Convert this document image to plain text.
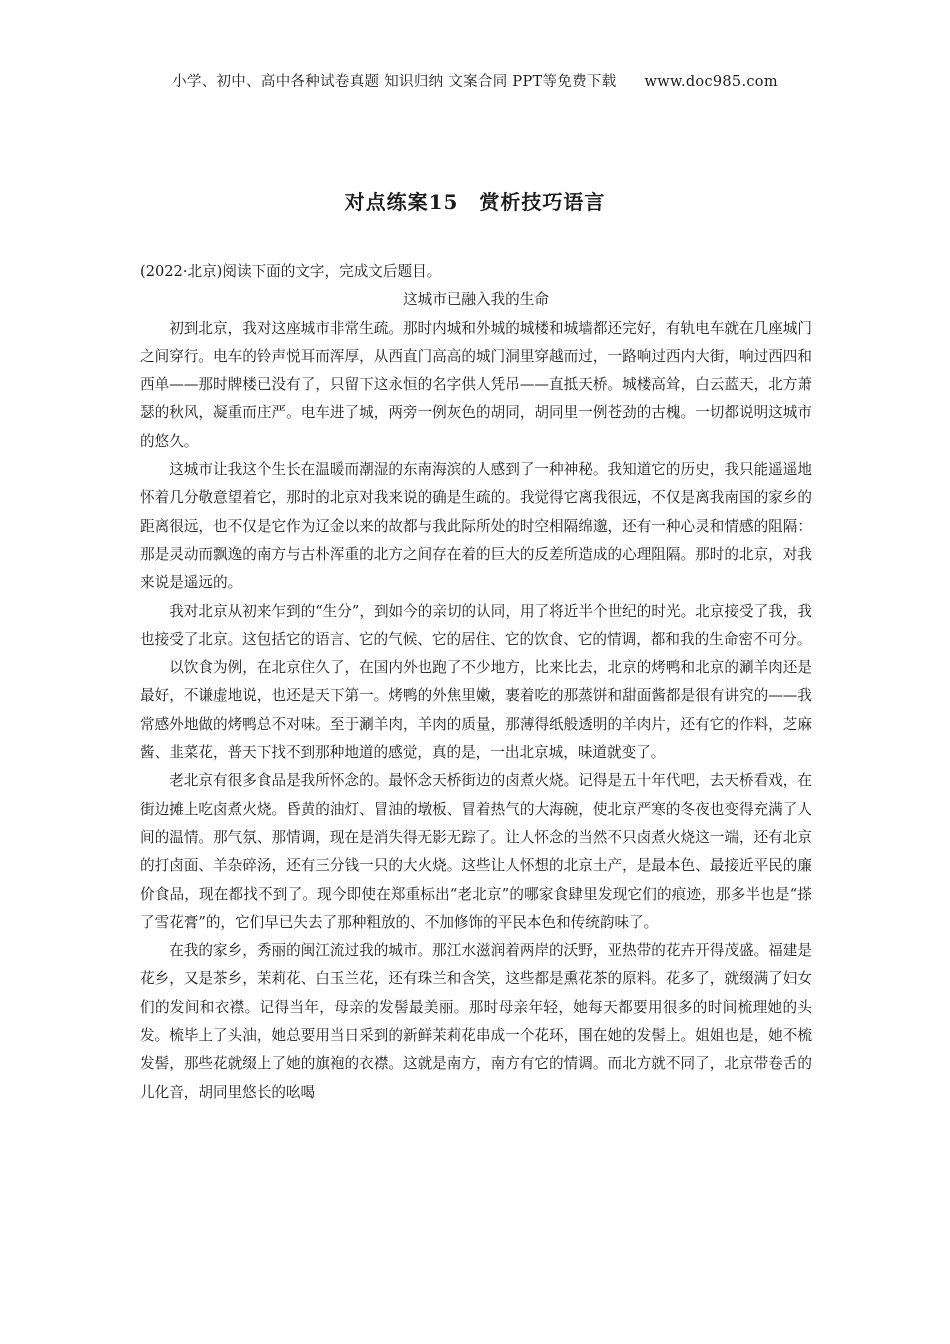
小学、初中、高中各种试卷真题 知识归纳 文案合同 PPT等免费下载 www.doc985.com
对点练案15　赏析技巧语言

(2022·北京)阅读下面的文字，完成文后题目。

这城市已融入我的生命

初到北京，我对这座城市非常生疏。那时内城和外城的城楼和城墙都还完好，有轨电车就在几座城门之间穿行。电车的铃声悦耳而浑厚，从西直门高高的城门洞里穿越而过，一路响过西内大街，响过西四和西单——那时牌楼已没有了，只留下这永恒的名字供人凭吊——直抵天桥。城楼高耸，白云蓝天，北方萧瑟的秋风，凝重而庄严。电车进了城，两旁一例灰色的胡同，胡同里一例苍劲的古槐。一切都说明这城市的悠久。

这城市让我这个生长在温暖而潮湿的东南海滨的人感到了一种神秘。我知道它的历史，我只能遥遥地怀着几分敬意望着它，那时的北京对我来说的确是生疏的。我觉得它离我很远，不仅是离我南国的家乡的距离很远，也不仅是它作为辽金以来的故都与我此际所处的时空相隔绵邈，还有一种心灵和情感的阻隔：那是灵动而飘逸的南方与古朴浑重的北方之间存在着的巨大的反差所造成的心理阻隔。那时的北京，对我来说是遥远的。

我对北京从初来乍到的“生分”，到如今的亲切的认同，用了将近半个世纪的时光。北京接受了我，我也接受了北京。这包括它的语言、它的气候、它的居住、它的饮食、它的情调，都和我的生命密不可分。

以饮食为例，在北京住久了，在国内外也跑了不少地方，比来比去，北京的烤鸭和北京的涮羊肉还是最好，不谦虚地说，也还是天下第一。烤鸭的外焦里嫩，裹着吃的那蒸饼和甜面酱都是很有讲究的——我常感外地做的烤鸭总不对味。至于涮羊肉，羊肉的质量，那薄得纸般透明的羊肉片，还有它的作料，芝麻酱、韭菜花，普天下找不到那种地道的感觉，真的是，一出北京城，味道就变了。

老北京有很多食品是我所怀念的。最怀念天桥街边的卤煮火烧。记得是五十年代吧，去天桥看戏，在街边摊上吃卤煮火烧。昏黄的油灯、冒油的墩板、冒着热气的大海碗，使北京严寒的冬夜也变得充满了人间的温情。那气氛、那情调，现在是消失得无影无踪了。让人怀念的当然不只卤煮火烧这一端，还有北京的打卤面、羊杂碎汤，还有三分钱一只的大火烧。这些让人怀想的北京土产，是最本色、最接近平民的廉价食品，现在都找不到了。现今即使在郑重标出“老北京”的哪家食肆里发现它们的痕迹，那多半也是“搽了雪花膏”的，它们早已失去了那种粗放的、不加修饰的平民本色和传统韵味了。

在我的家乡，秀丽的闽江流过我的城市。那江水滋润着两岸的沃野，亚热带的花卉开得茂盛。福建是花乡，又是茶乡，茉莉花、白玉兰花，还有珠兰和含笑，这些都是熏花茶的原料。花多了，就缀满了妇女们的发间和衣襟。记得当年，母亲的发髻最美丽。那时母亲年轻，她每天都要用很多的时间梳理她的头发。梳毕上了头油，她总要用当日采到的新鲜茉莉花串成一个花环，围在她的发髻上。姐姐也是，她不梳发髻，那些花就缀上了她的旗袍的衣襟。这就是南方，南方有它的情调。而北方就不同了，北京带卷舌的儿化音，胡同里悠长的吆喝
